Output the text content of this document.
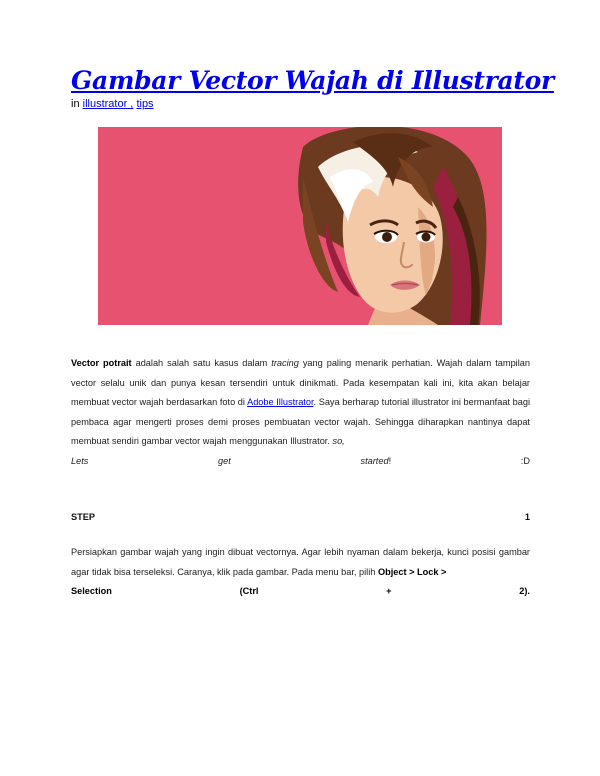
Gambar Vector Wajah di Illustrator
in illustrator , tips
Vector potrait adalah salah satu kasus dalam tracing yang paling menarik perhatian. Wajah dalam tampilan vector selalu unik dan punya kesan tersendiri untuk dinikmati. Pada kesempatan kali ini, kita akan belajar membuat vector wajah berdasarkan foto di Adobe Illustrator. Saya berharap tutorial illustrator ini bermanfaat bagi pembaca agar mengerti proses demi proses pembuatan vector wajah. Sehingga diharapkan nantinya dapat membuat sendiri gambar vector wajah menggunakan Illustrator. so,
Lets	get	started!	:D
STEP	1
Persiapkan gambar wajah yang ingin dibuat vectornya. Agar lebih nyaman dalam bekerja, kunci posisi gambar agar tidak bisa terseleksi. Caranya, klik pada gambar. Pada menu bar, pilih Object > Lock >
Selection	(Ctrl	+	2).
